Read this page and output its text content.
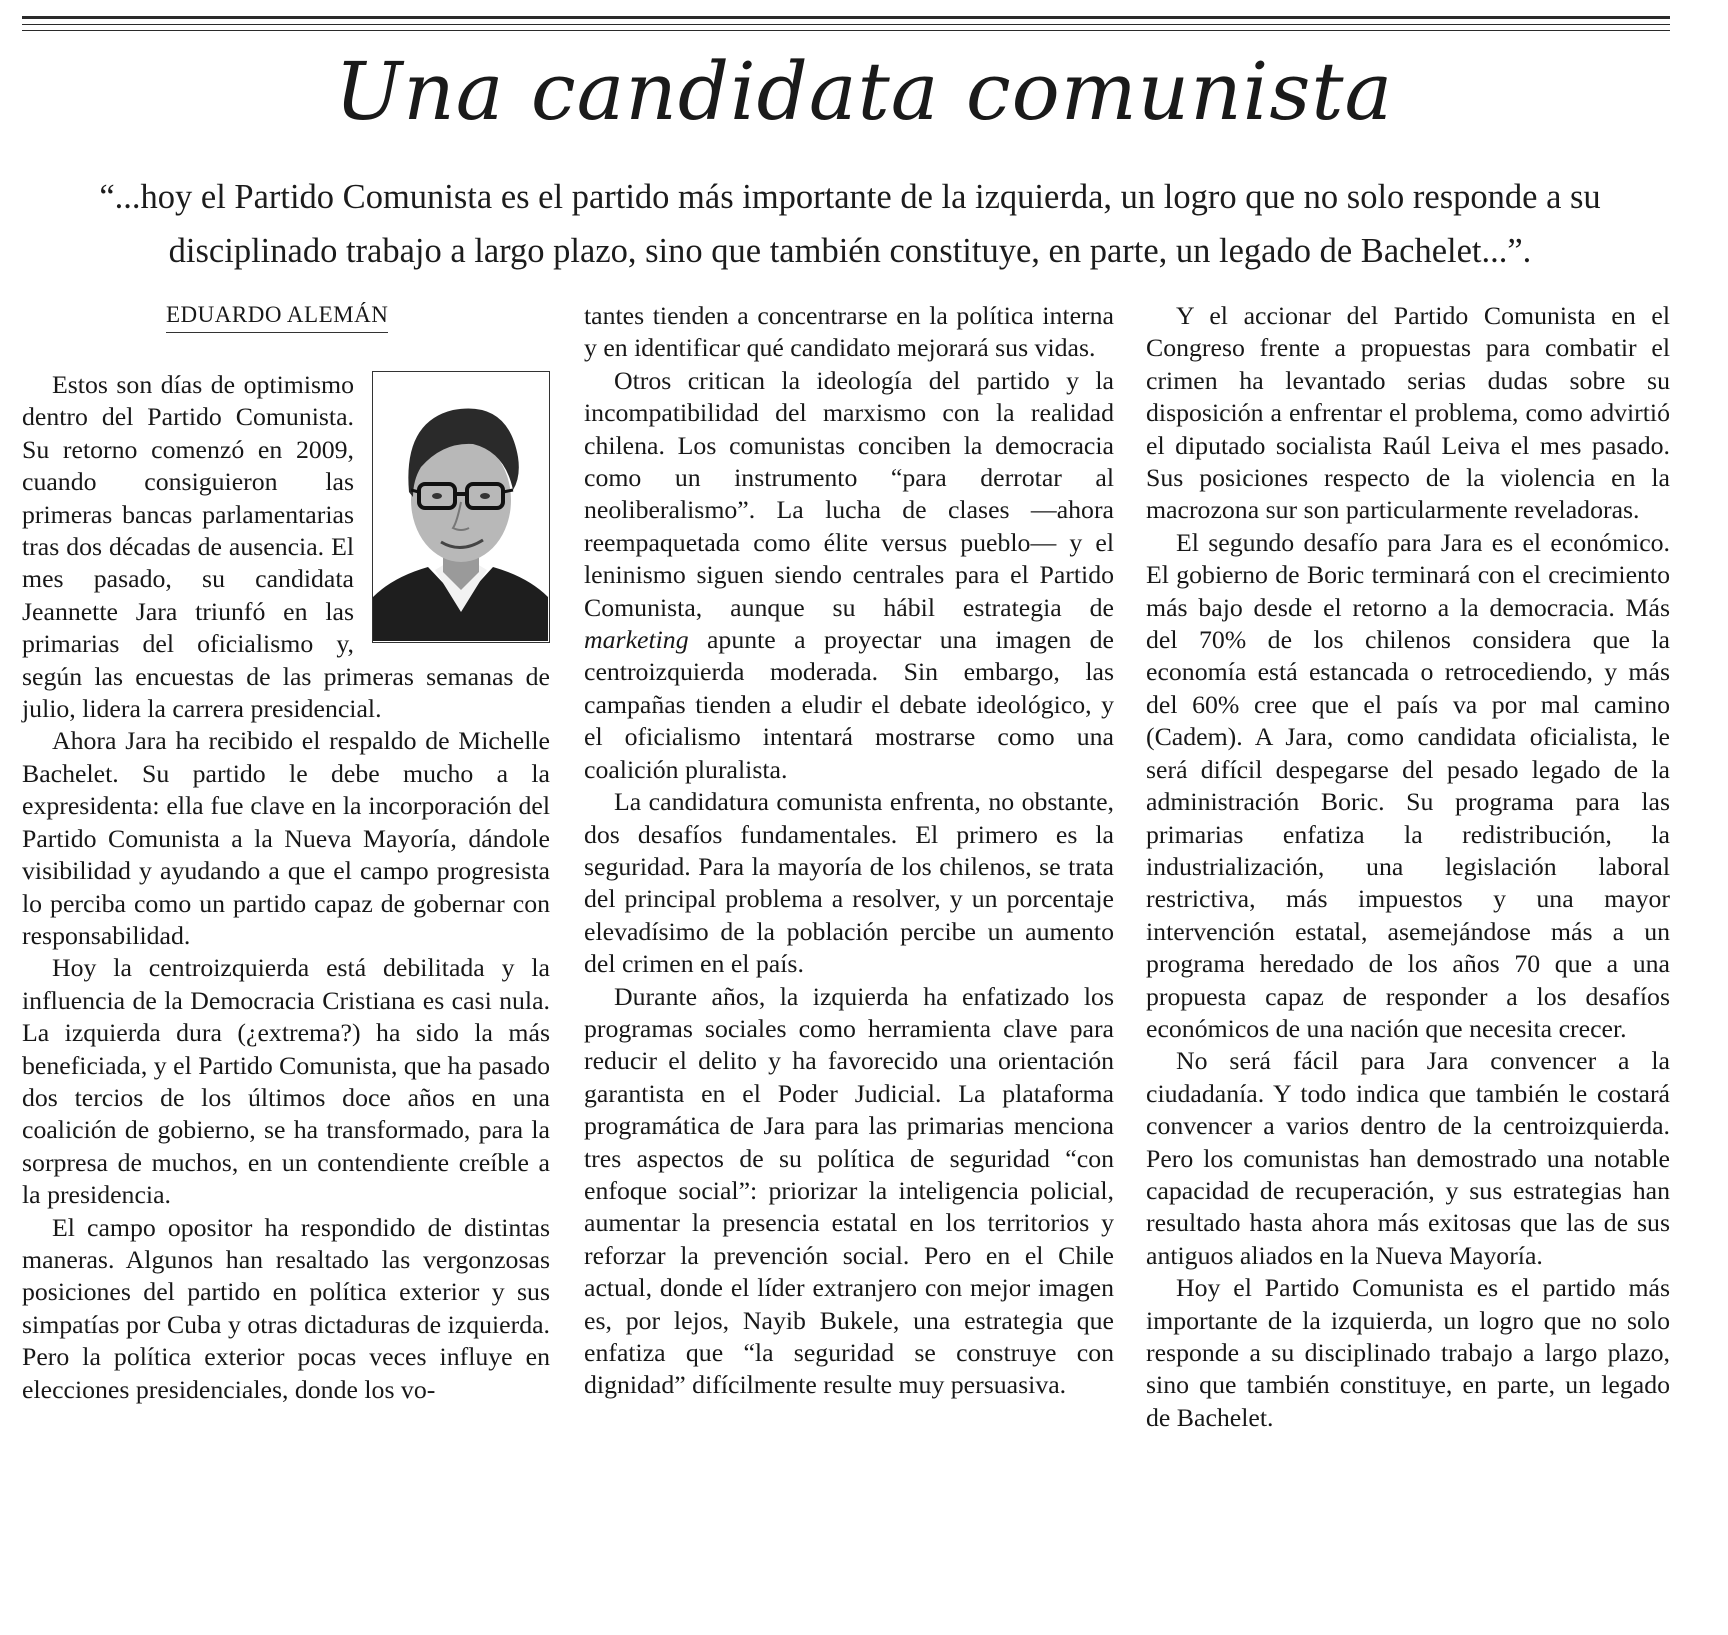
Una candidata comunista

“...hoy el Partido Comunista es el partido más importante de la izquierda, un logro que no solo responde a su disciplinado trabajo a largo plazo, sino que también constituye, en parte, un legado de Bachelet...”.

EDUARDO ALEMÁN

Estos son días de optimismo dentro del Partido Comunista. Su retorno comenzó en 2009, cuando consiguieron las primeras bancas parlamentarias tras dos décadas de ausencia. El mes pasado, su candidata Jeannette Jara triunfó en las primarias del oficialismo y, según las encuestas de las primeras semanas de julio, lidera la carrera presidencial.

Ahora Jara ha recibido el respaldo de Michelle Bachelet. Su partido le debe mucho a la expresidenta: ella fue clave en la incorporación del Partido Comunista a la Nueva Mayoría, dándole visibilidad y ayudando a que el campo progresista lo perciba como un partido capaz de gobernar con responsabilidad.

Hoy la centroizquierda está debilitada y la influencia de la Democracia Cristiana es casi nula. La izquierda dura (¿extrema?) ha sido la más beneficiada, y el Partido Comunista, que ha pasado dos tercios de los últimos doce años en una coalición de gobierno, se ha transformado, para la sorpresa de muchos, en un contendiente creíble a la presidencia.

El campo opositor ha respondido de distintas maneras. Algunos han resaltado las vergonzosas posiciones del partido en política exterior y sus simpatías por Cuba y otras dictaduras de izquierda. Pero la política exterior pocas veces influye en elecciones presidenciales, donde los vo-

tantes tienden a concentrarse en la política interna y en identificar qué candidato mejorará sus vidas.

Otros critican la ideología del partido y la incompatibilidad del marxismo con la realidad chilena. Los comunistas conciben la democracia como un instrumento “para derrotar al neoliberalismo”. La lucha de clases —ahora reempaquetada como élite versus pueblo— y el leninismo siguen siendo centrales para el Partido Comunista, aunque su hábil estrategia de marketing apunte a proyectar una imagen de centroizquierda moderada. Sin embargo, las campañas tienden a eludir el debate ideológico, y el oficialismo intentará mostrarse como una coalición pluralista.

La candidatura comunista enfrenta, no obstante, dos desafíos fundamentales. El primero es la seguridad. Para la mayoría de los chilenos, se trata del principal problema a resolver, y un porcentaje elevadísimo de la población percibe un aumento del crimen en el país.

Durante años, la izquierda ha enfatizado los programas sociales como herramienta clave para reducir el delito y ha favorecido una orientación garantista en el Poder Judicial. La plataforma programática de Jara para las primarias menciona tres aspectos de su política de seguridad “con enfoque social”: priorizar la inteligencia policial, aumentar la presencia estatal en los territorios y reforzar la prevención social. Pero en el Chile actual, donde el líder extranjero con mejor imagen es, por lejos, Nayib Bukele, una estrategia que enfatiza que “la seguridad se construye con dignidad” difícilmente resulte muy persuasiva.

Y el accionar del Partido Comunista en el Congreso frente a propuestas para combatir el crimen ha levantado serias dudas sobre su disposición a enfrentar el problema, como advirtió el diputado socialista Raúl Leiva el mes pasado. Sus posiciones respecto de la violencia en la macrozona sur son particularmente reveladoras.

El segundo desafío para Jara es el económico. El gobierno de Boric terminará con el crecimiento más bajo desde el retorno a la democracia. Más del 70% de los chilenos considera que la economía está estancada o retrocediendo, y más del 60% cree que el país va por mal camino (Cadem). A Jara, como candidata oficialista, le será difícil despegarse del pesado legado de la administración Boric. Su programa para las primarias enfatiza la redistribución, la industrialización, una legislación laboral restrictiva, más impuestos y una mayor intervención estatal, asemejándose más a un programa heredado de los años 70 que a una propuesta capaz de responder a los desafíos económicos de una nación que necesita crecer.

No será fácil para Jara convencer a la ciudadanía. Y todo indica que también le costará convencer a varios dentro de la centroizquierda. Pero los comunistas han demostrado una notable capacidad de recuperación, y sus estrategias han resultado hasta ahora más exitosas que las de sus antiguos aliados en la Nueva Mayoría.

Hoy el Partido Comunista es el partido más importante de la izquierda, un logro que no solo responde a su disciplinado trabajo a largo plazo, sino que también constituye, en parte, un legado de Bachelet.
